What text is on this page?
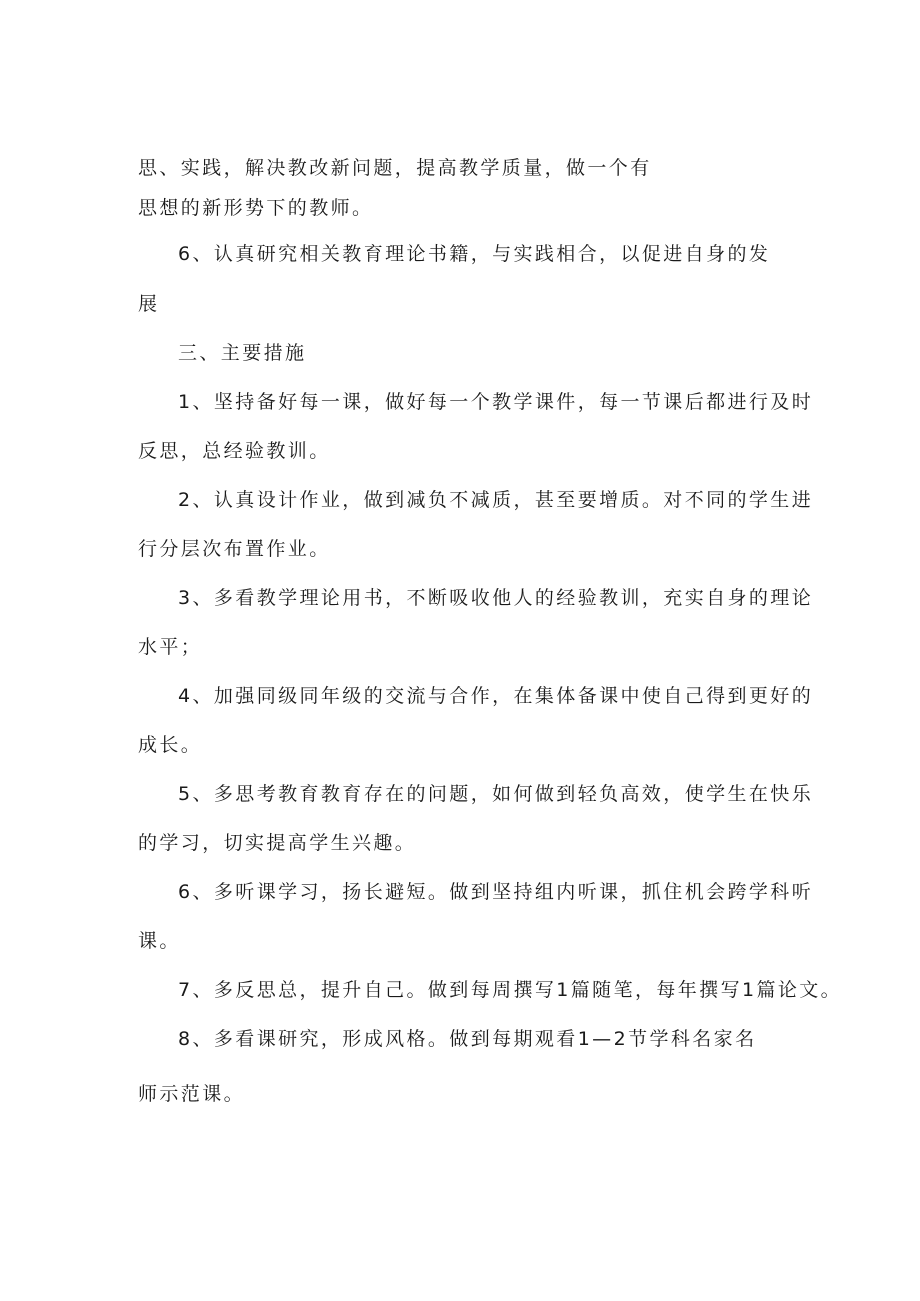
思、实践，解决教改新问题，提高教学质量，做一个有
思想的新形势下的教师。
6、认真研究相关教育理论书籍，与实践相合，以促进自身的发
展
三、主要措施
1、坚持备好每一课，做好每一个教学课件，每一节课后都进行及时
反思，总经验教训。
2、认真设计作业，做到减负不减质，甚至要增质。对不同的学生进
行分层次布置作业。
3、多看教学理论用书，不断吸收他人的经验教训，充实自身的理论
水平；
4、加强同级同年级的交流与合作，在集体备课中使自己得到更好的
成长。
5、多思考教育教育存在的问题，如何做到轻负高效，使学生在快乐
的学习，切实提高学生兴趣。
6、多听课学习，扬长避短。做到坚持组内听课，抓住机会跨学科听
课。
7、多反思总，提升自己。做到每周撰写1篇随笔，每年撰写1篇论文。
8、多看课研究，形成风格。做到每期观看1—2节学科名家名
师示范课。
